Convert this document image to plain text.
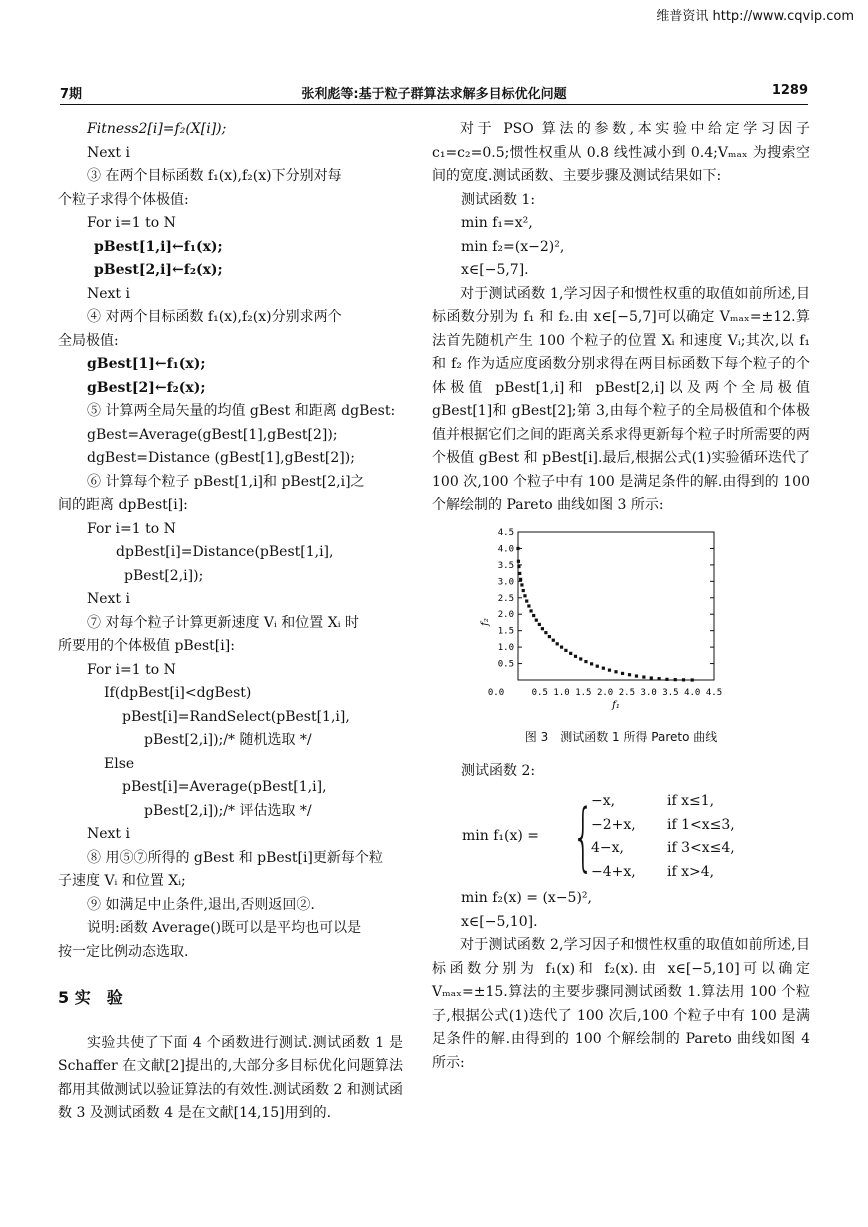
维普资讯 http://www.cqvip.com
7期	张利彪等:基于粒子群算法求解多目标优化问题	1289

Fitness2[i]=f₂(X[i]);

Next i

③ 在两个目标函数 f₁(x),f₂(x)下分别对每

个粒子求得个体极值:

For i=1 to N

pBest[1,i]←f₁(x);

pBest[2,i]←f₂(x);

Next i

④ 对两个目标函数 f₁(x),f₂(x)分别求两个

全局极值:

gBest[1]←f₁(x);

gBest[2]←f₂(x);

⑤ 计算两全局矢量的均值 gBest 和距离 dgBest:

gBest=Average(gBest[1],gBest[2]);

dgBest=Distance (gBest[1],gBest[2]);

⑥ 计算每个粒子 pBest[1,i]和 pBest[2,i]之

间的距离 dpBest[i]:

For i=1 to N

dpBest[i]=Distance(pBest[1,i],

pBest[2,i]);

Next i

⑦ 对每个粒子计算更新速度 Vᵢ 和位置 Xᵢ 时

所要用的个体极值 pBest[i]:

For i=1 to N

If(dpBest[i]<dgBest)

pBest[i]=RandSelect(pBest[1,i],

pBest[2,i]);/* 随机选取 */

Else

pBest[i]=Average(pBest[1,i],

pBest[2,i]);/* 评估选取 */

Next i

⑧ 用⑤⑦所得的 gBest 和 pBest[i]更新每个粒

子速度 Vᵢ 和位置 Xᵢ;

⑨ 如满足中止条件,退出,否则返回②.

说明:函数 Average()既可以是平均也可以是

按一定比例动态选取.

5 实　验

实验共使了下面 4 个函数进行测试.测试函数 1 是 Schaffer 在文献[2]提出的,大部分多目标优化问题算法都用其做测试以验证算法的有效性.测试函数 2 和测试函数 3 及测试函数 4 是在文献[14,15]用到的.

对于 PSO 算法的参数,本实验中给定学习因子 c₁=c₂=0.5;惯性权重从 0.8 线性减小到 0.4;Vₘₐₓ 为搜索空间的宽度.测试函数、主要步骤及测试结果如下:

测试函数 1:

min f₁=x²,

min f₂=(x−2)²,

x∈[−5,7].

对于测试函数 1,学习因子和惯性权重的取值如前所述,目标函数分别为 f₁ 和 f₂.由 x∈[−5,7]可以确定 Vₘₐₓ=±12.算法首先随机产生 100 个粒子的位置 Xᵢ 和速度 Vᵢ;其次,以 f₁ 和 f₂ 作为适应度函数分别求得在两目标函数下每个粒子的个体极值 pBest[1,i]和 pBest[2,i]以及两个全局极值 gBest[1]和 gBest[2];第 3,由每个粒子的全局极值和个体极值并根据它们之间的距离关系求得更新每个粒子时所需要的两个极值 gBest 和 pBest[i].最后,根据公式(1)实验循环迭代了 100 次,100 个粒子中有 100 是满足条件的解.由得到的 100 个解绘制的 Pareto 曲线如图 3 所示:

0.5
1.0
1.5
2.0
2.5
3.0
3.5
4.0
4.5
0.0	0.5 1.0 1.5 2.0 2.5 3.0 3.5 4.0 4.5
f₁
f₂
图 3　测试函数 1 所得 Pareto 曲线

测试函数 2:

min f₁(x) = {
−x,	if x≤1,
−2+x,	if 1<x≤3,
4−x,	if 3<x≤4,
−4+x,	if x>4,

min f₂(x) = (x−5)²,

x∈[−5,10].

对于测试函数 2,学习因子和惯性权重的取值如前所述,目标函数分别为 f₁(x)和 f₂(x).由 x∈[−5,10]可以确定 Vₘₐₓ=±15.算法的主要步骤同测试函数 1.算法用 100 个粒子,根据公式(1)迭代了 100 次后,100 个粒子中有 100 是满足条件的解.由得到的 100 个解绘制的 Pareto 曲线如图 4 所示:
